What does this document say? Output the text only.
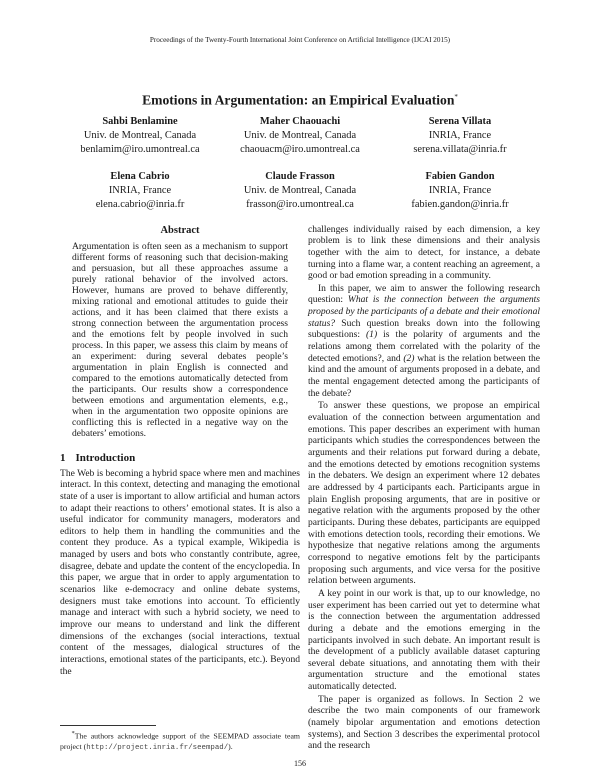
Proceedings of the Twenty-Fourth International Joint Conference on Artificial Intelligence (IJCAI 2015)
Emotions in Argumentation: an Empirical Evaluation*
Sahbi Benlamine
Univ. de Montreal, Canada
benlamim@iro.umontreal.ca
Maher Chaouachi
Univ. de Montreal, Canada
chaouacm@iro.umontreal.ca
Serena Villata
INRIA, France
serena.villata@inria.fr
Elena Cabrio
INRIA, France
elena.cabrio@inria.fr
Claude Frasson
Univ. de Montreal, Canada
frasson@iro.umontreal.ca
Fabien Gandon
INRIA, France
fabien.gandon@inria.fr
Abstract
Argumentation is often seen as a mechanism to support different forms of reasoning such that decision-making and persuasion, but all these approaches assume a purely rational behavior of the involved actors. However, humans are proved to behave differently, mixing rational and emotional attitudes to guide their actions, and it has been claimed that there exists a strong connection between the argumentation process and the emotions felt by people involved in such process. In this paper, we assess this claim by means of an experiment: during several debates people’s argumentation in plain English is connected and compared to the emotions automatically detected from the participants. Our results show a correspondence between emotions and argumentation elements, e.g., when in the argumentation two opposite opinions are conflicting this is reflected in a negative way on the debaters’ emotions.
1 Introduction

The Web is becoming a hybrid space where men and machines interact. In this context, detecting and managing the emotional state of a user is important to allow artificial and human actors to adapt their reactions to others’ emotional states. It is also a useful indicator for community managers, moderators and editors to help them in handling the communities and the content they produce. As a typical example, Wikipedia is managed by users and bots who constantly contribute, agree, disagree, debate and update the content of the encyclopedia. In this paper, we argue that in order to apply argumentation to scenarios like e-democracy and online debate systems, designers must take emotions into account. To efficiently manage and interact with such a hybrid society, we need to improve our means to understand and link the different dimensions of the exchanges (social interactions, textual content of the messages, dialogical structures of the interactions, emotional states of the participants, etc.). Beyond the

*The authors acknowledge support of the SEEMPAD associate team project (http://project.inria.fr/seempad/).

challenges individually raised by each dimension, a key problem is to link these dimensions and their analysis together with the aim to detect, for instance, a debate turning into a flame war, a content reaching an agreement, a good or bad emotion spreading in a community.

In this paper, we aim to answer the following research question: What is the connection between the arguments proposed by the participants of a debate and their emotional status? Such question breaks down into the following subquestions: (1) is the polarity of arguments and the relations among them correlated with the polarity of the detected emotions?, and (2) what is the relation between the kind and the amount of arguments proposed in a debate, and the mental engagement detected among the participants of the debate?

To answer these questions, we propose an empirical evaluation of the connection between argumentation and emotions. This paper describes an experiment with human participants which studies the correspondences between the arguments and their relations put forward during a debate, and the emotions detected by emotions recognition systems in the debaters. We design an experiment where 12 debates are addressed by 4 participants each. Participants argue in plain English proposing arguments, that are in positive or negative relation with the arguments proposed by the other participants. During these debates, participants are equipped with emotions detection tools, recording their emotions. We hypothesize that negative relations among the arguments correspond to negative emotions felt by the participants proposing such arguments, and vice versa for the positive relation between arguments.

A key point in our work is that, up to our knowledge, no user experiment has been carried out yet to determine what is the connection between the argumentation addressed during a debate and the emotions emerging in the participants involved in such debate. An important result is the development of a publicly available dataset capturing several debate situations, and annotating them with their argumentation structure and the emotional states automatically detected.

The paper is organized as follows. In Section 2 we describe the two main components of our framework (namely bipolar argumentation and emotions detection systems), and Section 3 describes the experimental protocol and the research

156
